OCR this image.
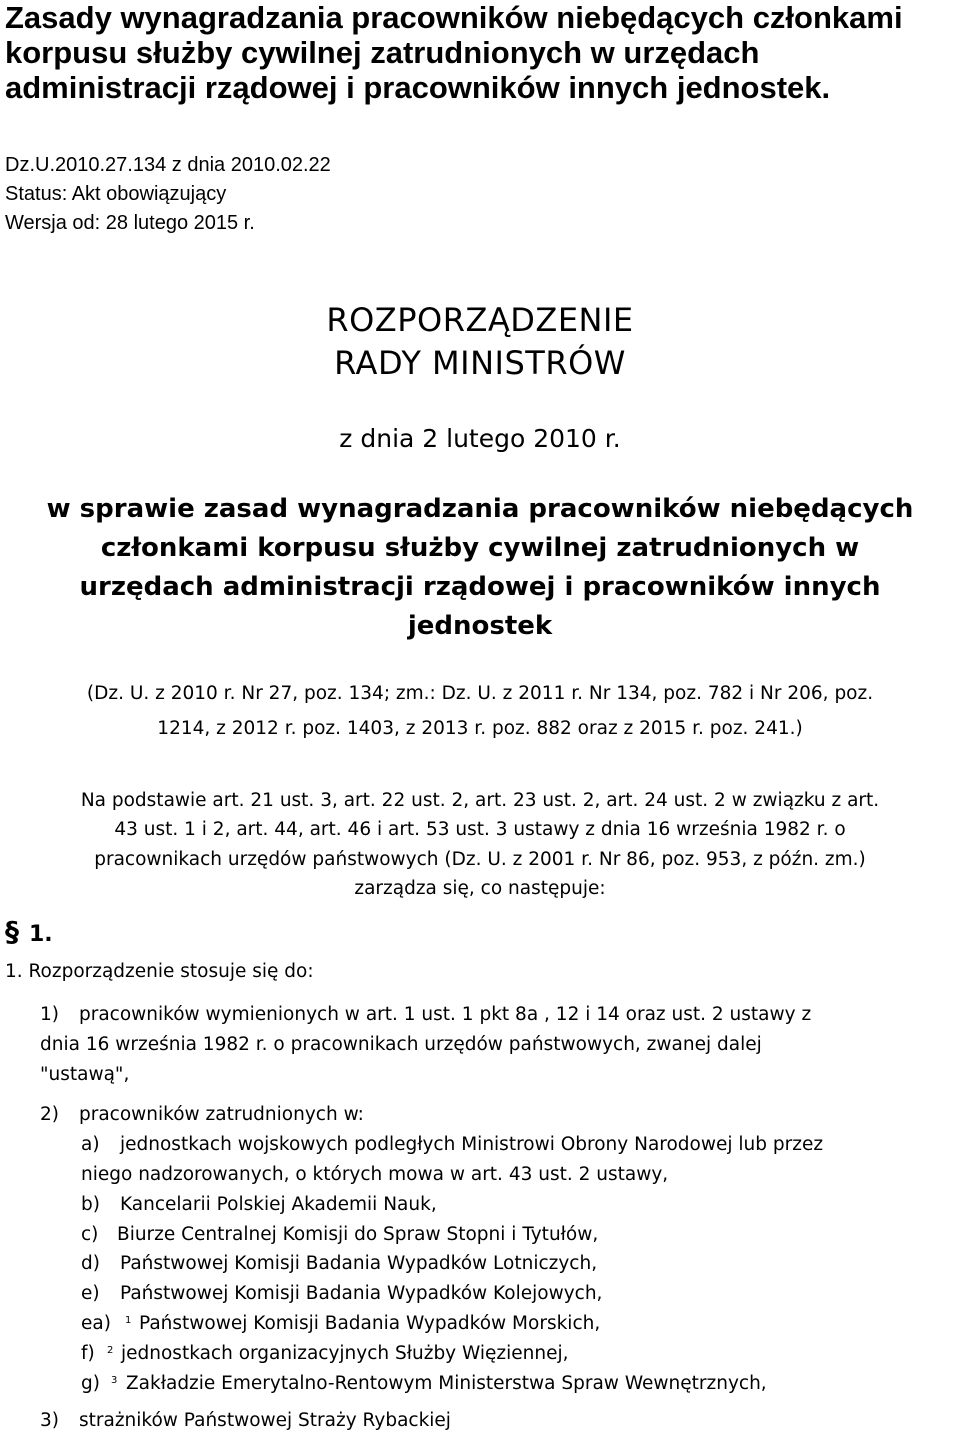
Zasady wynagradzania pracowników niebędących członkami korpusu służby cywilnej zatrudnionych w urzędach administracji rządowej i pracowników innych jednostek.
Dz.U.2010.27.134 z dnia 2010.02.22
Status: Akt obowiązujący
Wersja od: 28 lutego 2015 r.
ROZPORZĄDZENIE
RADY MINISTRÓW
z dnia 2 lutego 2010 r.
w sprawie zasad wynagradzania pracowników niebędących
członkami korpusu służby cywilnej zatrudnionych w
urzędach administracji rządowej i pracowników innych
jednostek
(Dz. U. z 2010 r. Nr 27, poz. 134; zm.: Dz. U. z 2011 r. Nr 134, poz. 782 i Nr 206, poz.
1214, z 2012 r. poz. 1403, z 2013 r. poz. 882 oraz z 2015 r. poz. 241.)
Na podstawie art. 21 ust. 3, art. 22 ust. 2, art. 23 ust. 2, art. 24 ust. 2 w związku z art.
43 ust. 1 i 2, art. 44, art. 46 i art. 53 ust. 3 ustawy z dnia 16 września 1982 r. o
pracownikach urzędów państwowych (Dz. U. z 2001 r. Nr 86, poz. 953, z późn. zm.)
zarządza się, co następuje:
§ 1.
1. Rozporządzenie stosuje się do:
1) pracowników wymienionych w art. 1 ust. 1 pkt 8a , 12 i 14 oraz ust. 2 ustawy z
dnia 16 września 1982 r. o pracownikach urzędów państwowych, zwanej dalej
"ustawą",
2) pracowników zatrudnionych w:
a) jednostkach wojskowych podległych Ministrowi Obrony Narodowej lub przez
niego nadzorowanych, o których mowa w art. 43 ust. 2 ustawy,
b) Kancelarii Polskiej Akademii Nauk,
c) Biurze Centralnej Komisji do Spraw Stopni i Tytułów,
d) Państwowej Komisji Badania Wypadków Lotniczych,
e) Państwowej Komisji Badania Wypadków Kolejowych,
ea) $^1$ Państwowej Komisji Badania Wypadków Morskich,
f) $^2$ jednostkach organizacyjnych Służby Więziennej,
g) $^3$ Zakładzie Emerytalno-Rentowym Ministerstwa Spraw Wewnętrznych,
3) strażników Państwowej Straży Rybackiej
